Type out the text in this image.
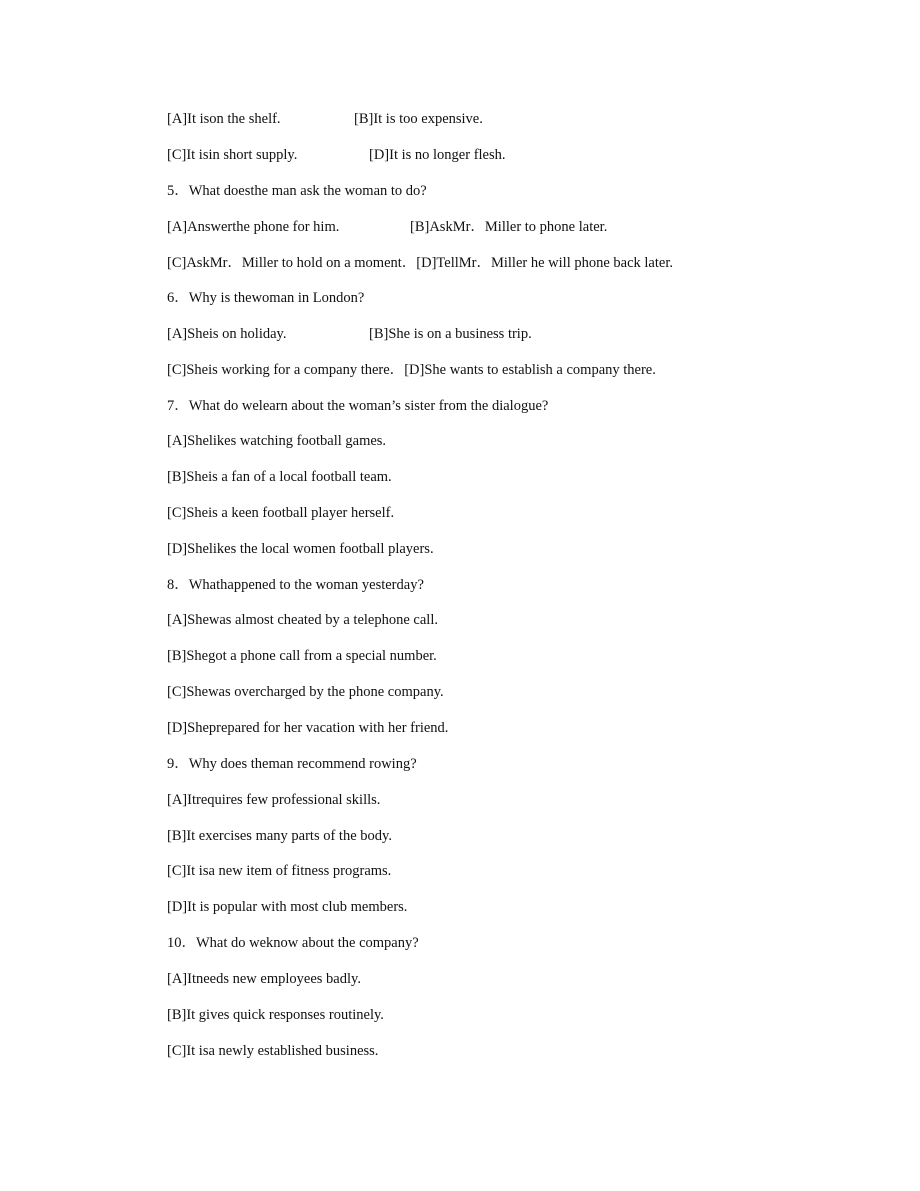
[A]It ison the shelf.	[B]It is too expensive.
[C]It isin short supply.	[D]It is no longer flesh.
5．What doesthe man ask the woman to do?
[A]Answerthe phone for him.	[B]AskMr．Miller to phone later.
[C]AskMr．Miller to hold on a moment．[D]TellMr．Miller he will phone back later.
6．Why is thewoman in London?
[A]Sheis on holiday.	[B]She is on a business trip.
[C]Sheis working for a company there．[D]She wants to establish a company there.
7．What do welearn about the woman’s sister from the dialogue?
[A]Shelikes watching football games.
[B]Sheis a fan of a local football team.
[C]Sheis a keen football player herself.
[D]Shelikes the local women football players.
8．Whathappened to the woman yesterday?
[A]Shewas almost cheated by a telephone call.
[B]Shegot a phone call from a special number.
[C]Shewas overcharged by the phone company.
[D]Sheprepared for her vacation with her friend.
9．Why does theman recommend rowing?
[A]Itrequires few professional skills.
[B]It exercises many parts of the body.
[C]It isa new item of fitness programs.
[D]It is popular with most club members.
10．What do weknow about the company?
[A]Itneeds new employees badly.
[B]It gives quick responses routinely.
[C]It isa newly established business.
